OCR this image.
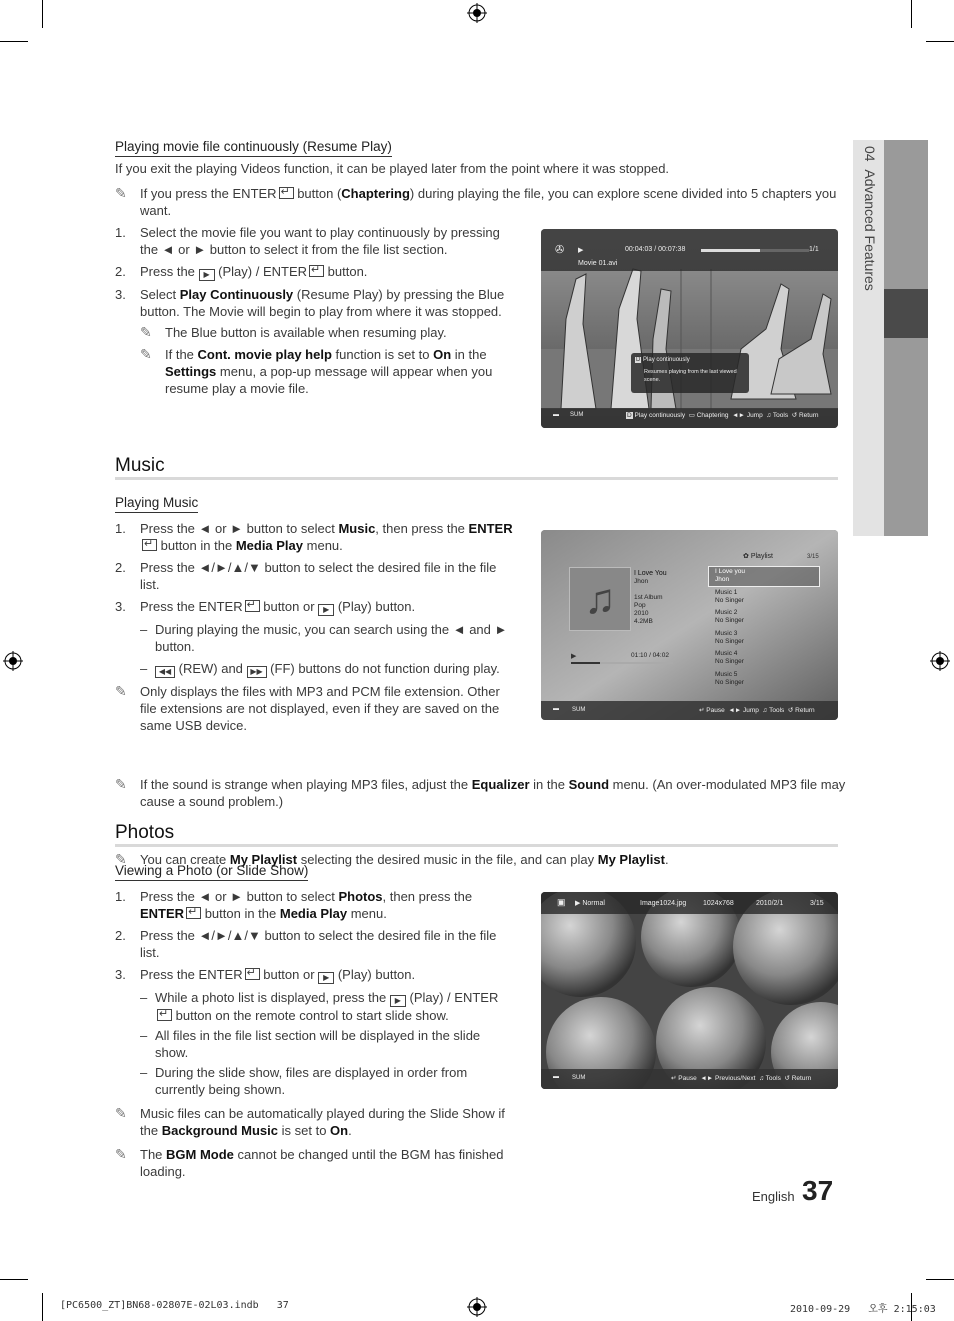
04  Advanced Features
Playing movie file continuously (Resume Play)
If you exit the playing Videos function, it can be played later from the point where it was stopped.
✎ If you press the ENTER ↵ button (Chaptering) during playing the file, you can explore scene divided into 5 chapters you want.
1. Select the movie file you want to play continuously by pressing the ◄ or ► button to select it from the file list section.
2. Press the ▶ (Play) / ENTER ↵ button.
3. Select Play Continuously (Resume Play) by pressing the Blue button. The Movie will begin to play from where it was stopped.
✎ The Blue button is available when resuming play.
✎ If the Cont. movie play help function is set to On in the Settings menu, a pop-up message will appear when you resume play a movie file.
✇ ▶	00:04:03 / 00:07:38	1/1
Movie 01.avi
D Play continuously
Resumes playing from the last viewed scene.
▬ SUM	D Play continuously ▭ Chaptering  ◄► Jump ♫ Tools  ↺ Return
Music
Playing Music
1. Press the ◄ or ► button to select Music, then press the ENTER↵ button in the Media Play menu.
2. Press the ◄/►/▲/▼ button to select the desired file in the file list.
3. Press the ENTER ↵ button or ▶ (Play) button.
– During playing the music, you can search using the ◄ and ► button.
– ◀◀ (REW) and ▶▶ (FF) buttons do not function during play.
✎ Only displays the files with MP3 and PCM file extension. Other file extensions are not displayed, even if they are saved on the same USB device.
♫
I Love You
Jhon
1st Album
Pop
2010
4.2MB
▶	01:10 / 04:02
✿ Playlist	3/15
I Love you
Jhon
Music 1
No Singer
Music 2
No Singer
Music 3
No Singer
Music 4
No Singer
Music 5
No Singer
▬ SUM	↵ Pause  ◄► Jump  ♫ Tools  ↺ Return
✎ If the sound is strange when playing MP3 files, adjust the Equalizer in the Sound menu. (An over-modulated MP3 file may cause a sound problem.)
✎ You can create My Playlist selecting the desired music in the file, and can play My Playlist.
Photos
Viewing a Photo (or Slide Show)
1. Press the ◄ or ► button to select Photos, then press the ENTER ↵ button in the Media Play menu.
2. Press the ◄/►/▲/▼ button to select the desired file in the file list.
3. Press the ENTER ↵ button or ▶ (Play) button.
– While a photo list is displayed, press the ▶ (Play) / ENTER↵ button on the remote control to start slide show.
– All files in the file list section will be displayed in the slide show.
– During the slide show, files are displayed in order from currently being shown.
✎ Music files can be automatically played during the Slide Show if the Background Music is set to On.
✎ The BGM Mode cannot be changed until the BGM has finished loading.
▣ ▶ Normal	Image1024.jpg 1024x768	2010/2/1	3/15
▬ SUM	↵ Pause  ◄► Previous/Next  ♫ Tools  ↺ Return
English 37
[PC6500_ZT]BN68-02807E-02L03.indb   37	2010-09-29   오후 2:15:03
